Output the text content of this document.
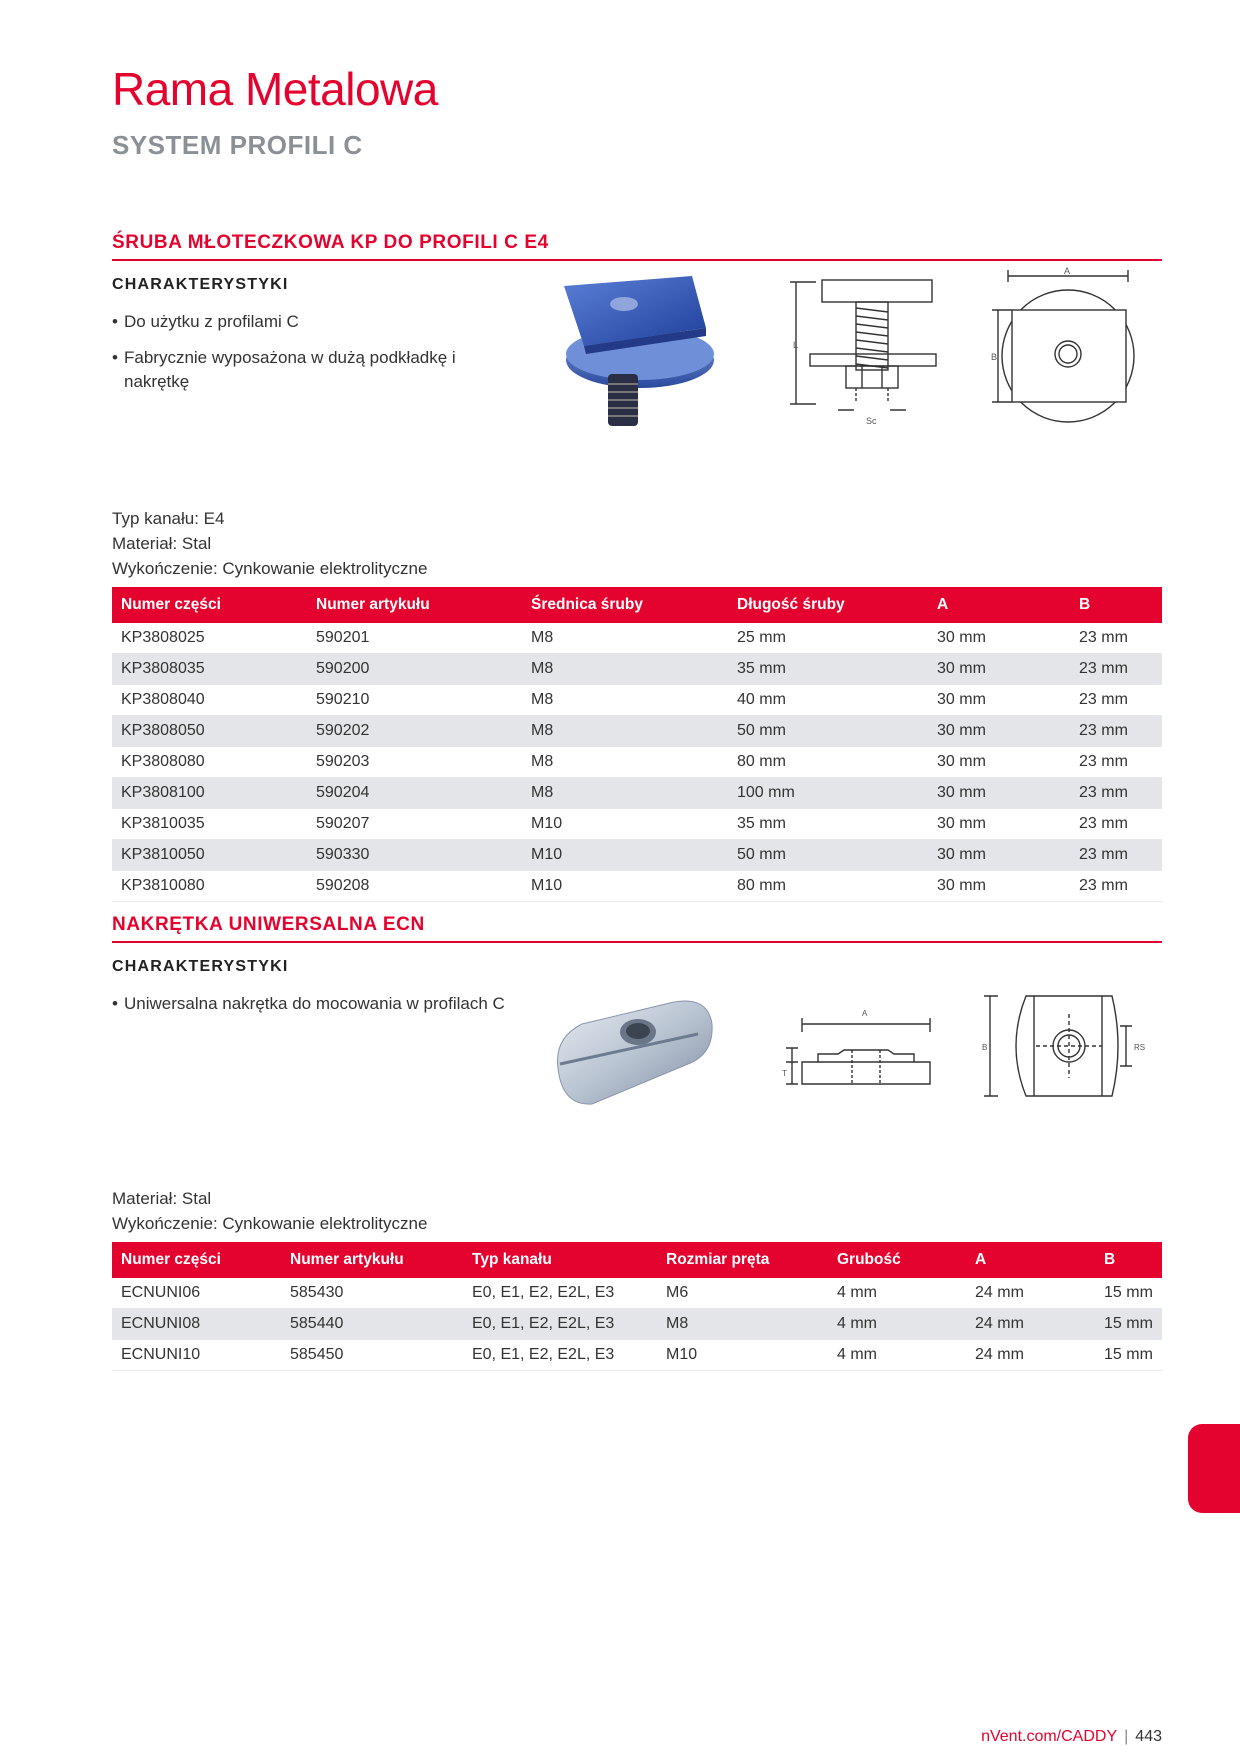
Rama Metalowa
SYSTEM PROFILI C
ŚRUBA MŁOTECZKOWA KP DO PROFILI C E4
CHARAKTERYSTYKI
• Do użytku z profilami C
• Fabrycznie wyposażona w dużą podkładkę i nakrętkę
L
Sc
A
B
Typ kanału: E4
Materiał: Stal
Wykończenie: Cynkowanie elektrolityczne
Numer części	Numer artykułu	Średnica śruby	Długość śruby	A	B
KP3808025	590201	M8	25 mm	30 mm	23 mm
KP3808035	590200	M8	35 mm	30 mm	23 mm
KP3808040	590210	M8	40 mm	30 mm	23 mm
KP3808050	590202	M8	50 mm	30 mm	23 mm
KP3808080	590203	M8	80 mm	30 mm	23 mm
KP3808100	590204	M8	100 mm	30 mm	23 mm
KP3810035	590207	M10	35 mm	30 mm	23 mm
KP3810050	590330	M10	50 mm	30 mm	23 mm
KP3810080	590208	M10	80 mm	30 mm	23 mm
NAKRĘTKA UNIWERSALNA ECN
CHARAKTERYSTYKI
• Uniwersalna nakrętka do mocowania w profilach C
A
T
B	RS
Materiał: Stal
Wykończenie: Cynkowanie elektrolityczne
Numer części	Numer artykułu	Typ kanału	Rozmiar pręta	Grubość	A	B
ECNUNI06	585430	E0, E1, E2, E2L, E3	M6	4 mm	24 mm	15 mm
ECNUNI08	585440	E0, E1, E2, E2L, E3	M8	4 mm	24 mm	15 mm
ECNUNI10	585450	E0, E1, E2, E2L, E3	M10	4 mm	24 mm	15 mm
nVent.com/CADDY | 443
